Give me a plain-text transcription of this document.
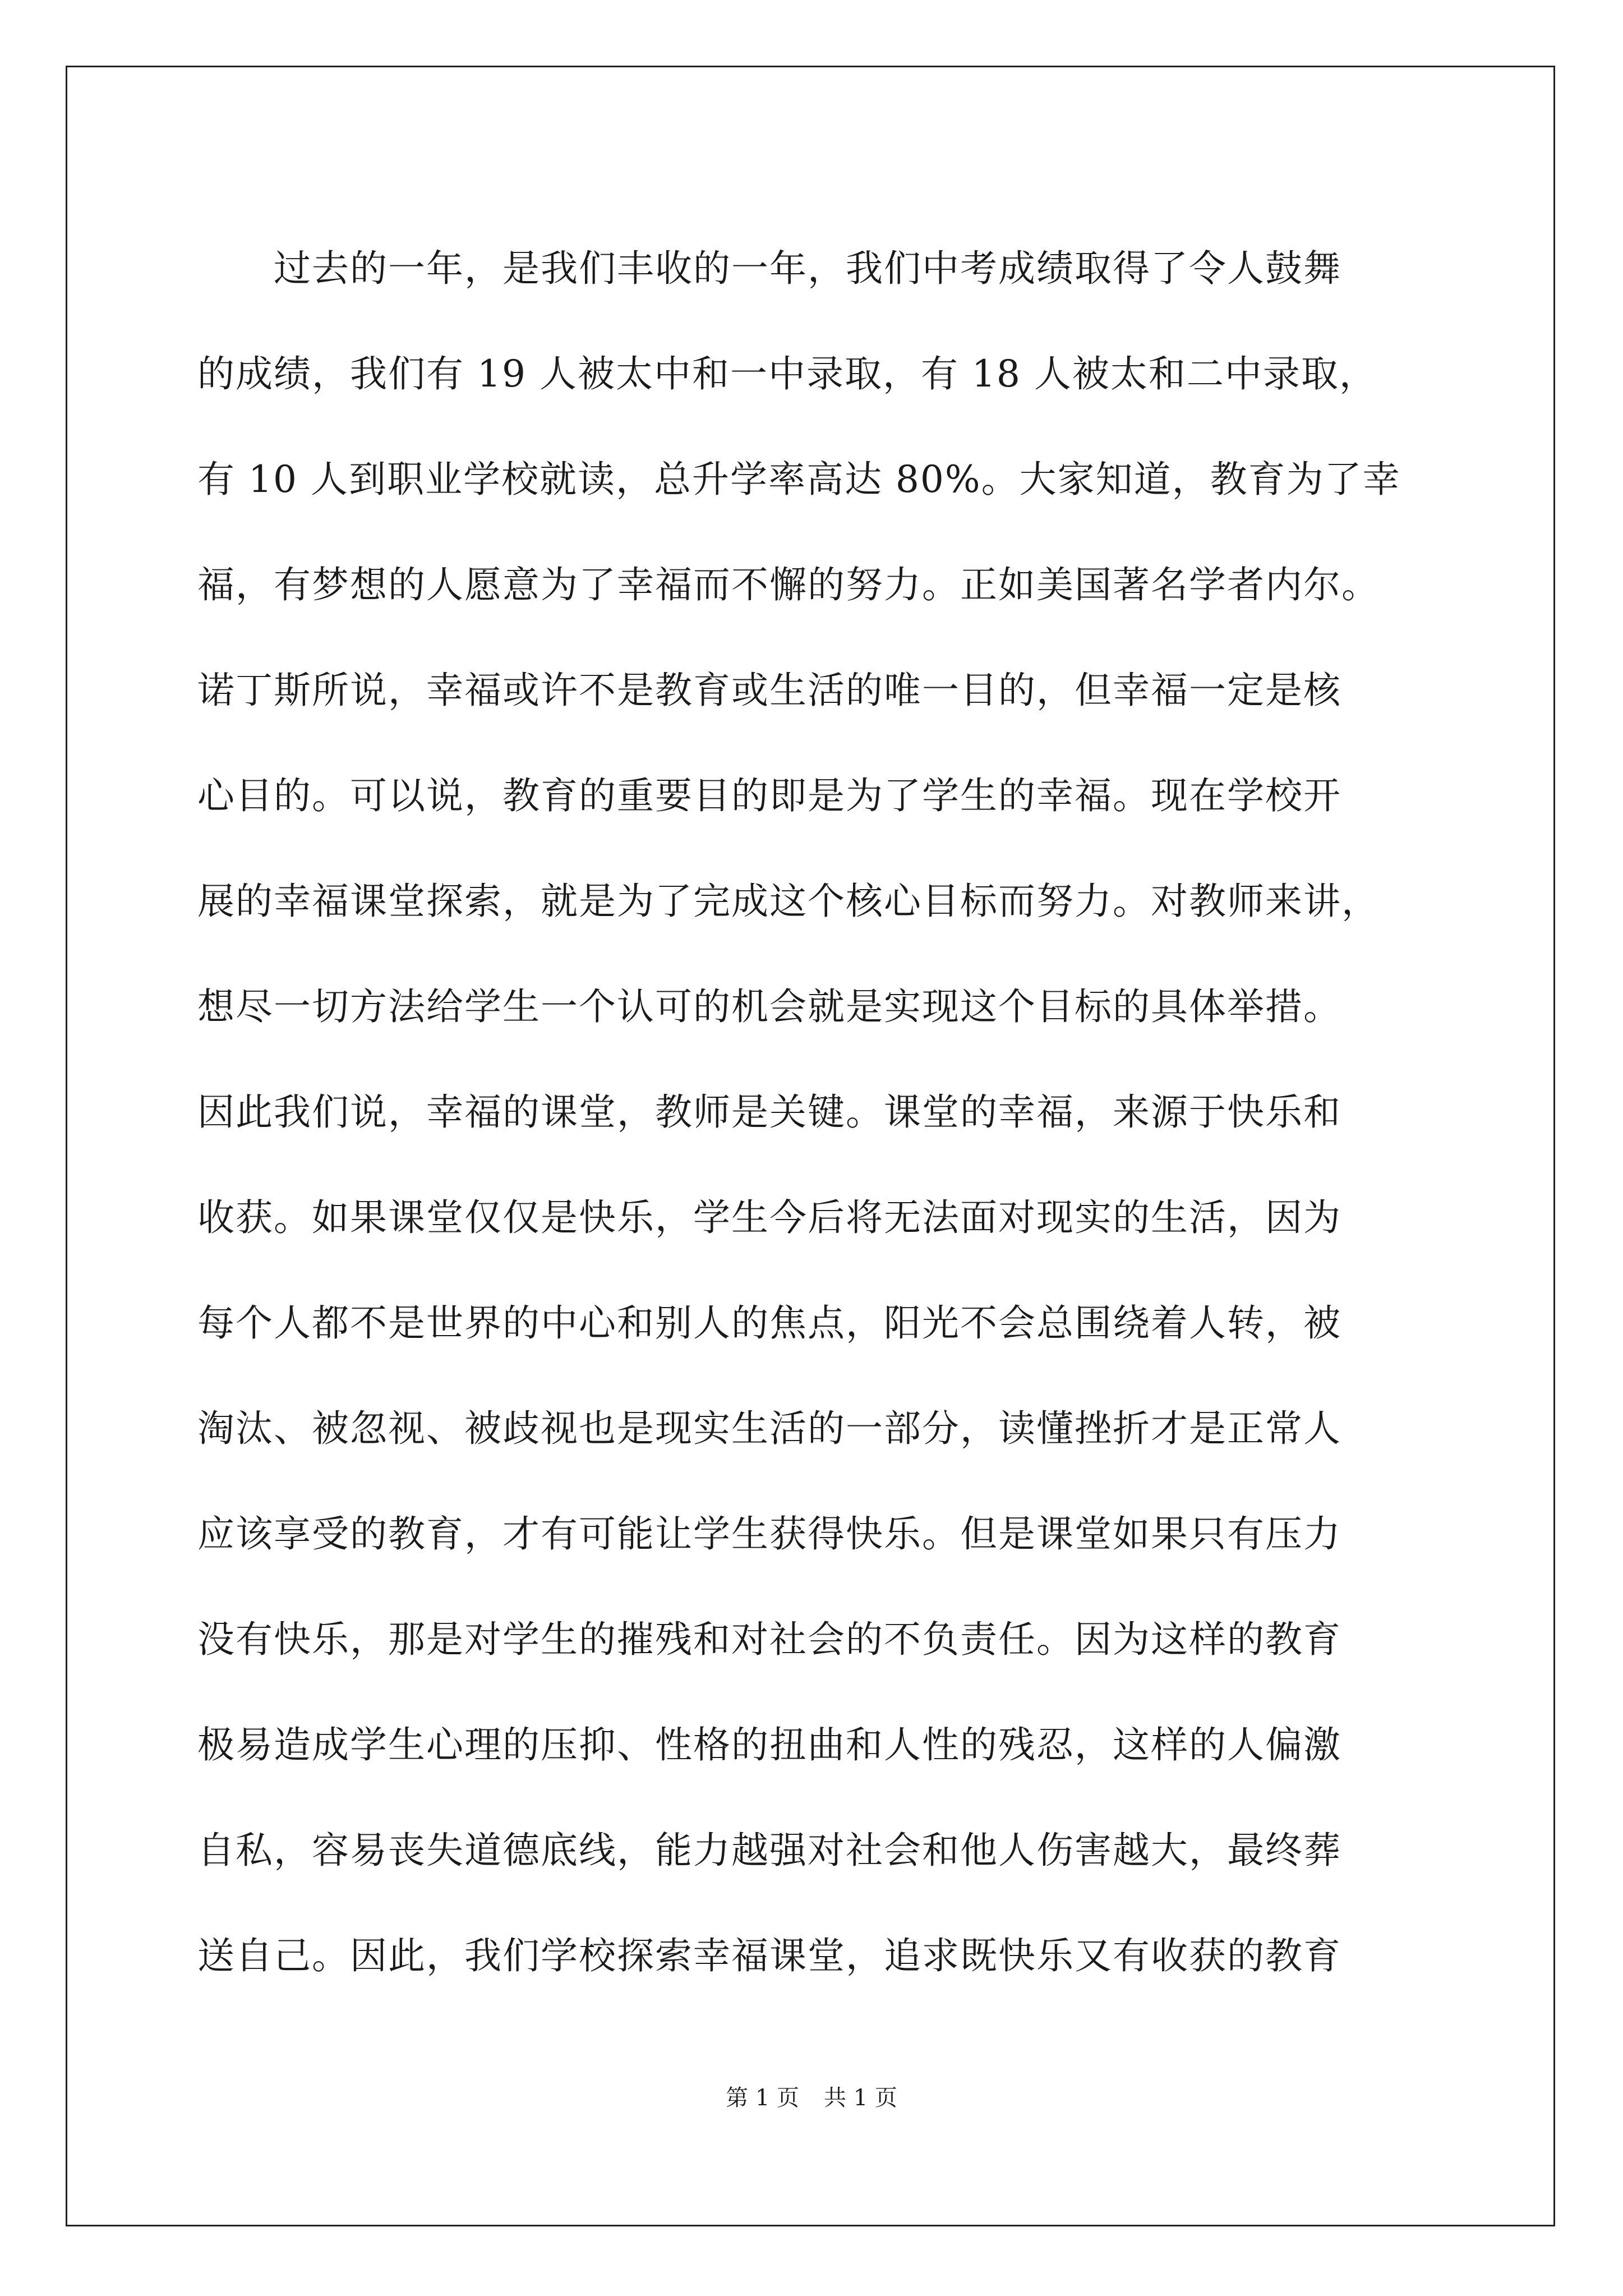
　　过去的一年，是我们丰收的一年，我们中考成绩取得了令人鼓舞
的成绩，我们有 19 人被太中和一中录取，有 18 人被太和二中录取，
有 10 人到职业学校就读，总升学率高达 80%。大家知道，教育为了幸
福，有梦想的人愿意为了幸福而不懈的努力。正如美国著名学者内尔。
诺丁斯所说，幸福或许不是教育或生活的唯一目的，但幸福一定是核
心目的。可以说，教育的重要目的即是为了学生的幸福。现在学校开
展的幸福课堂探索，就是为了完成这个核心目标而努力。对教师来讲，
想尽一切方法给学生一个认可的机会就是实现这个目标的具体举措。
因此我们说，幸福的课堂，教师是关键。课堂的幸福，来源于快乐和
收获。如果课堂仅仅是快乐，学生今后将无法面对现实的生活，因为
每个人都不是世界的中心和别人的焦点，阳光不会总围绕着人转，被
淘汰、被忽视、被歧视也是现实生活的一部分，读懂挫折才是正常人
应该享受的教育，才有可能让学生获得快乐。但是课堂如果只有压力
没有快乐，那是对学生的摧残和对社会的不负责任。因为这样的教育
极易造成学生心理的压抑、性格的扭曲和人性的残忍，这样的人偏激
自私，容易丧失道德底线，能力越强对社会和他人伤害越大，最终葬
送自己。因此，我们学校探索幸福课堂，追求既快乐又有收获的教育
第 1 页 共 1 页
